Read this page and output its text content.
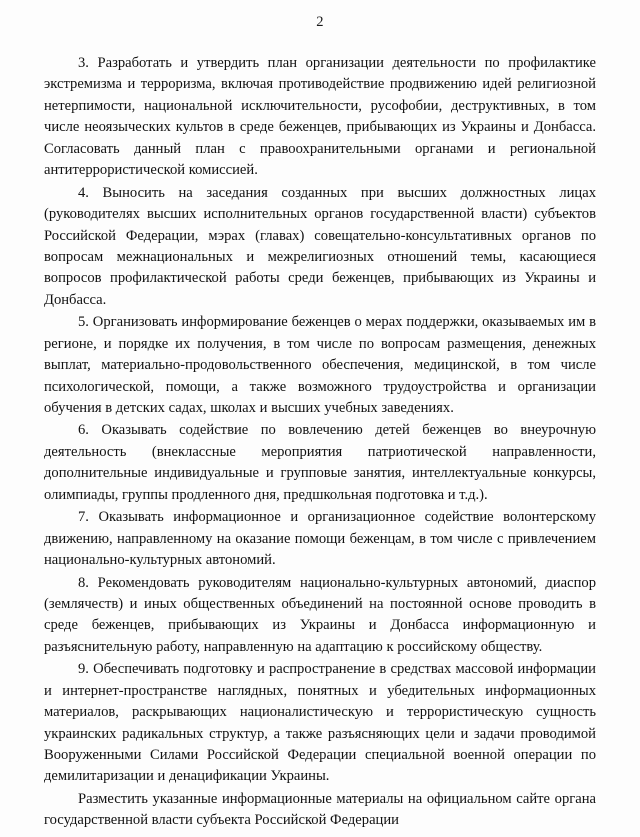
2

3. Разработать и утвердить план организации деятельности по профилактике экстремизма и терроризма, включая противодействие продвижению идей религиозной нетерпимости, национальной исключительности, русофобии, деструктивных, в том числе неоязыческих культов в среде беженцев, прибывающих из Украины и Донбасса. Согласовать данный план с правоохранительными органами и региональной антитеррористической комиссией.

4. Выносить на заседания созданных при высших должностных лицах (руководителях высших исполнительных органов государственной власти) субъектов Российской Федерации, мэрах (главах) совещательно-консультативных органов по вопросам межнациональных и межрелигиозных отношений темы, касающиеся вопросов профилактической работы среди беженцев, прибывающих из Украины и Донбасса.

5. Организовать информирование беженцев о мерах поддержки, оказываемых им в регионе, и порядке их получения, в том числе по вопросам размещения, денежных выплат, материально-продовольственного обеспечения, медицинской, в том числе психологической, помощи, а также возможного трудоустройства и организации обучения в детских садах, школах и высших учебных заведениях.

6. Оказывать содействие по вовлечению детей беженцев во внеурочную деятельность (внеклассные мероприятия патриотической направленности, дополнительные индивидуальные и групповые занятия, интеллектуальные конкурсы, олимпиады, группы продленного дня, предшкольная подготовка и т.д.).

7. Оказывать информационное и организационное содействие волонтерскому движению, направленному на оказание помощи беженцам, в том числе с привлечением национально-культурных автономий.

8. Рекомендовать руководителям национально-культурных автономий, диаспор (землячеств) и иных общественных объединений на постоянной основе проводить в среде беженцев, прибывающих из Украины и Донбасса информационную и разъяснительную работу, направленную на адаптацию к российскому обществу.

9. Обеспечивать подготовку и распространение в средствах массовой информации и интернет-пространстве наглядных, понятных и убедительных информационных материалов, раскрывающих националистическую и террористическую сущность украинских радикальных структур, а также разъясняющих цели и задачи проводимой Вооруженными Силами Российской Федерации специальной военной операции по демилитаризации и денацификации Украины.

Разместить указанные информационные материалы на официальном сайте органа государственной власти субъекта Российской Федерации
